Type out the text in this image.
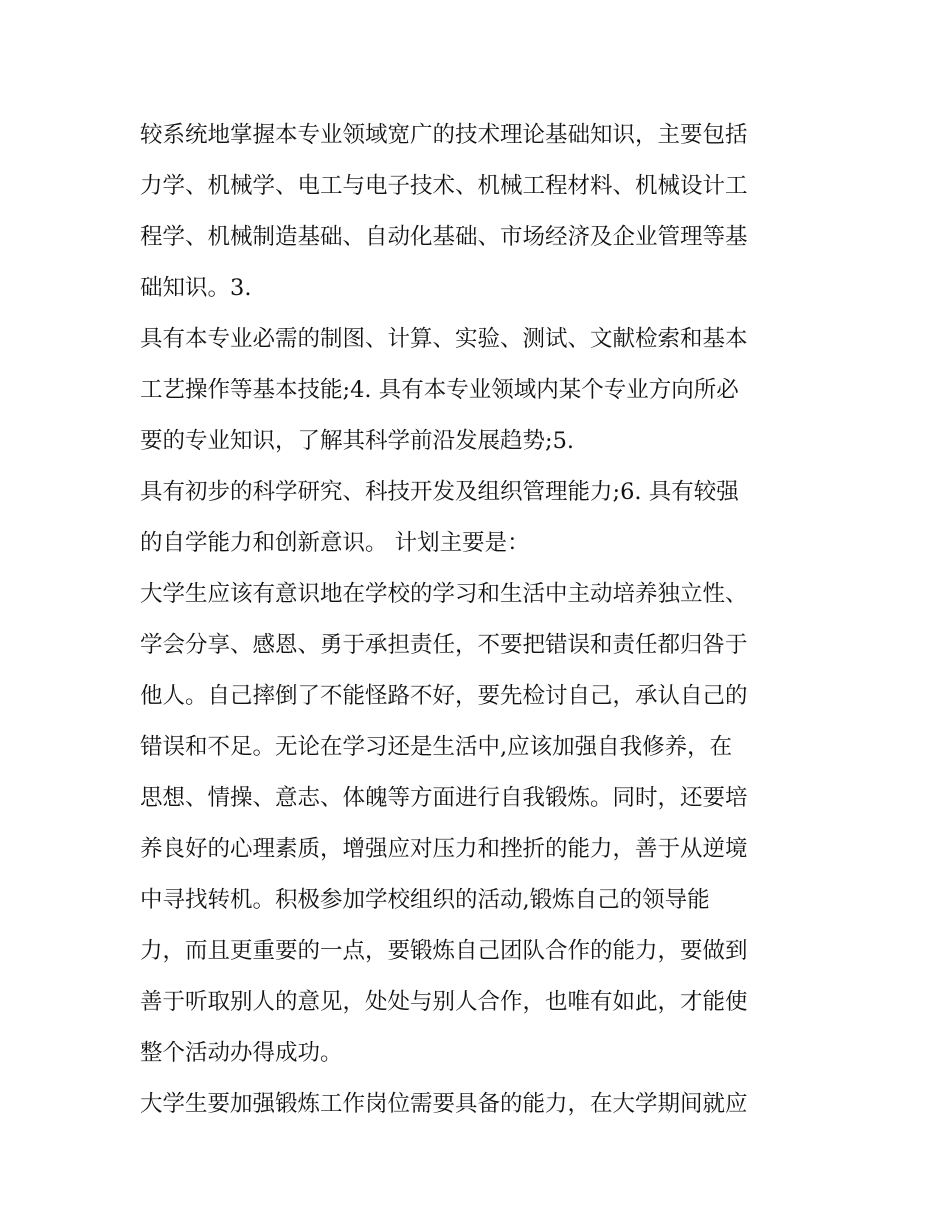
较系统地掌握本专业领域宽广的技术理论基础知识，主要包括
力学、机械学、电工与电子技术、机械工程材料、机械设计工
程学、机械制造基础、自动化基础、市场经济及企业管理等基
础知识。3.
具有本专业必需的制图、计算、实验、测试、文献检索和基本
工艺操作等基本技能;4. 具有本专业领域内某个专业方向所必
要的专业知识，了解其科学前沿发展趋势;5.
具有初步的科学研究、科技开发及组织管理能力;6. 具有较强
的自学能力和创新意识。 计划主要是：
大学生应该有意识地在学校的学习和生活中主动培养独立性、
学会分享、感恩、勇于承担责任，不要把错误和责任都归咎于
他人。自己摔倒了不能怪路不好，要先检讨自己，承认自己的
错误和不足。无论在学习还是生活中,应该加强自我修养，在
思想、情操、意志、体魄等方面进行自我锻炼。同时，还要培
养良好的心理素质，增强应对压力和挫折的能力，善于从逆境
中寻找转机。积极参加学校组织的活动,锻炼自己的领导能
力，而且更重要的一点，要锻炼自己团队合作的能力，要做到
善于听取别人的意见，处处与别人合作，也唯有如此，才能使
整个活动办得成功。
大学生要加强锻炼工作岗位需要具备的能力，在大学期间就应
